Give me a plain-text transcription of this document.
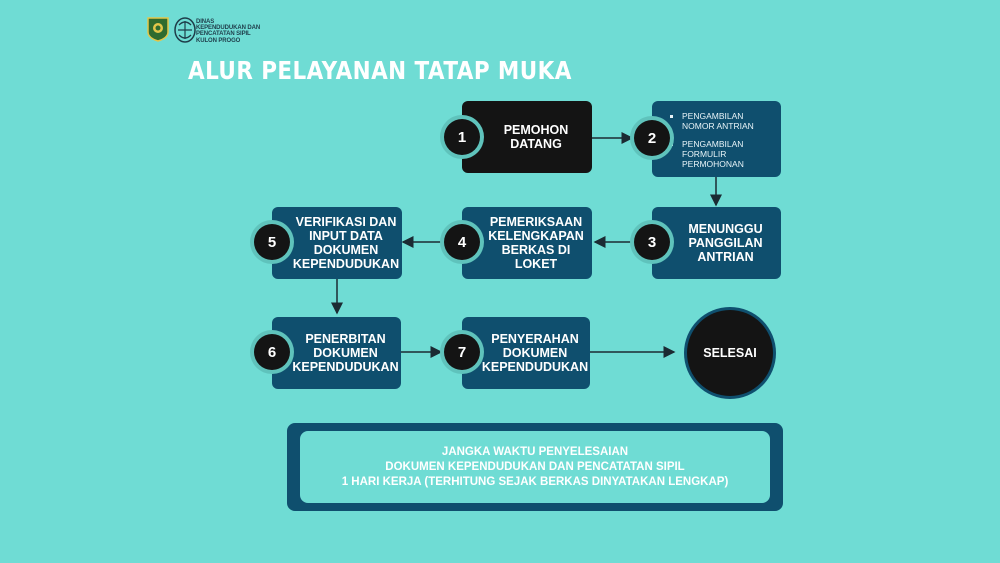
DINAS
KEPENDUDUKAN DAN
PENCATATAN SIPIL
KULON PROGO
ALUR PELAYANAN TATAP MUKA
PEMOHON DATANG
1
▪ PENGAMBILAN NOMOR ANTRIAN
▪ PENGAMBILAN FORMULIR PERMOHONAN
2
MENUNGGU PANGGILAN ANTRIAN
3
PEMERIKSAAN KELENGKAPAN BERKAS DI LOKET
4
VERIFIKASI DAN INPUT DATA DOKUMEN KEPENDUDUKAN
5
PENERBITAN DOKUMEN KEPENDUDUKAN
6
PENYERAHAN DOKUMEN KEPENDUDUKAN
7	SELESAI
JANGKA WAKTU PENYELESAIAN
DOKUMEN KEPENDUDUKAN DAN PENCATATAN SIPIL
1 HARI KERJA (TERHITUNG SEJAK BERKAS DINYATAKAN LENGKAP)
